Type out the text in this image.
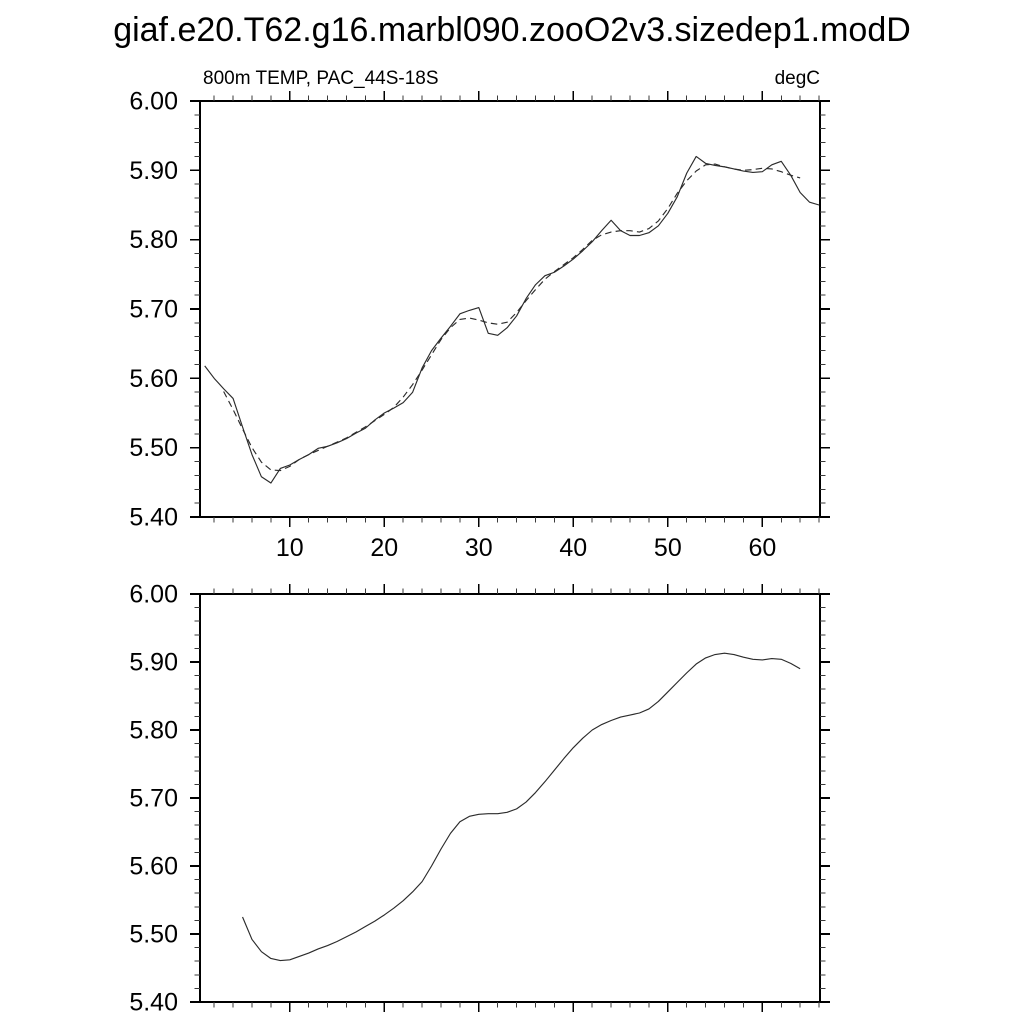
giaf.e20.T62.g16.marbl090.zooO2v3.sizedep1.modD
800m TEMP, PAC_44S-18S	degC
10	20	30	40	50	60
6.00
5.90
5.80
5.70
5.60
5.50
5.40
6.00
5.90
5.80
5.70
5.60
5.50
5.40
